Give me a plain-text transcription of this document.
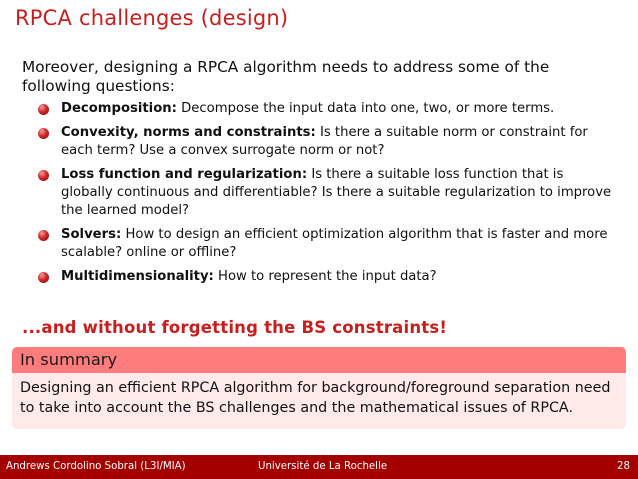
RPCA challenges (design)
Moreover, designing a RPCA algorithm needs to address some of the following questions:
Decomposition: Decompose the input data into one, two, or more terms.
Convexity, norms and constraints: Is there a suitable norm or constraint for each term? Use a convex surrogate norm or not?
Loss function and regularization: Is there a suitable loss function that is globally continuous and differentiable? Is there a suitable regularization to improve the learned model?
Solvers: How to design an efficient optimization algorithm that is faster and more scalable? online or offline?
Multidimensionality: How to represent the input data?
...and without forgetting the BS constraints!
In summary
Designing an efficient RPCA algorithm for background/foreground separation need to take into account the BS challenges and the mathematical issues of RPCA.
Andrews Cordolino Sobral (L3I/MIA)	Université de La Rochelle	28
